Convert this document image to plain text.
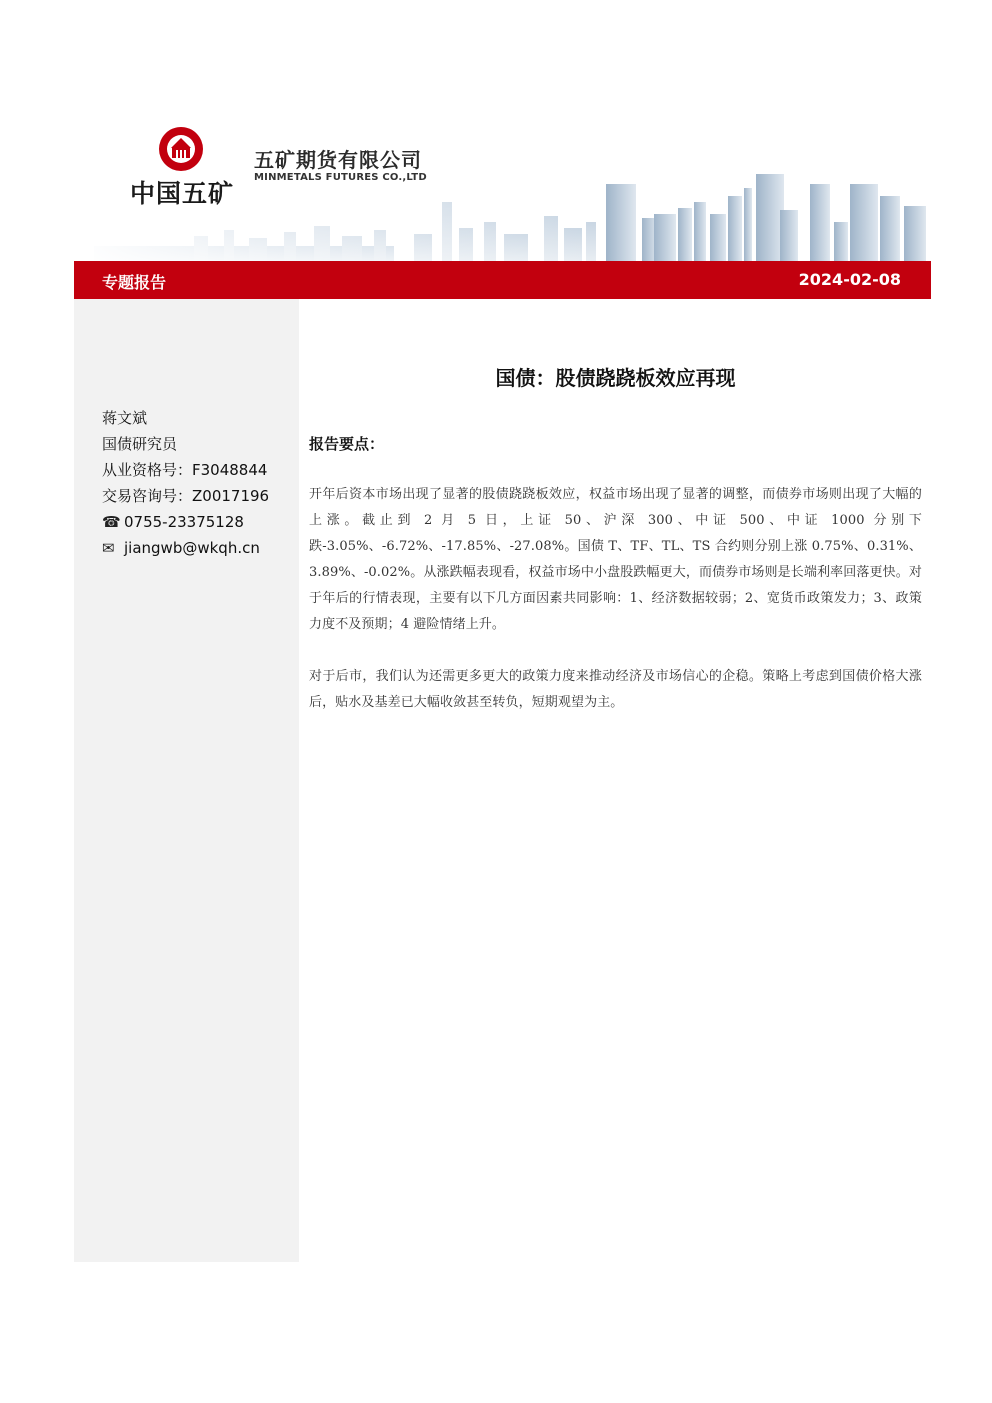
中国五矿
五矿期货有限公司
MINMETALS FUTURES CO.,LTD
专题报告	2024-02-08
蒋文斌
国债研究员
从业资格号：F3048844
交易咨询号：Z0017196
☎ 0755-23375128
✉ jiangwb@wkqh.cn
国债：股债跷跷板效应再现
报告要点：
开年后资本市场出现了显著的股债跷跷板效应，权益市场出现了显著的调整，而债券市场则出现了大幅的上涨。截止到 2 月 5 日，上证 50、沪深 300、中证 500、中证 1000 分别下跌-3.05%、-6.72%、-17.85%、-27.08%。国债 T、TF、TL、TS 合约则分别上涨 0.75%、0.31%、3.89%、-0.02%。从涨跌幅表现看，权益市场中小盘股跌幅更大，而债券市场则是长端利率回落更快。对于年后的行情表现，主要有以下几方面因素共同影响：1、经济数据较弱；2、宽货币政策发力；3、政策力度不及预期；4 避险情绪上升。
对于后市，我们认为还需更多更大的政策力度来推动经济及市场信心的企稳。策略上考虑到国债价格大涨后，贴水及基差已大幅收敛甚至转负，短期观望为主。
